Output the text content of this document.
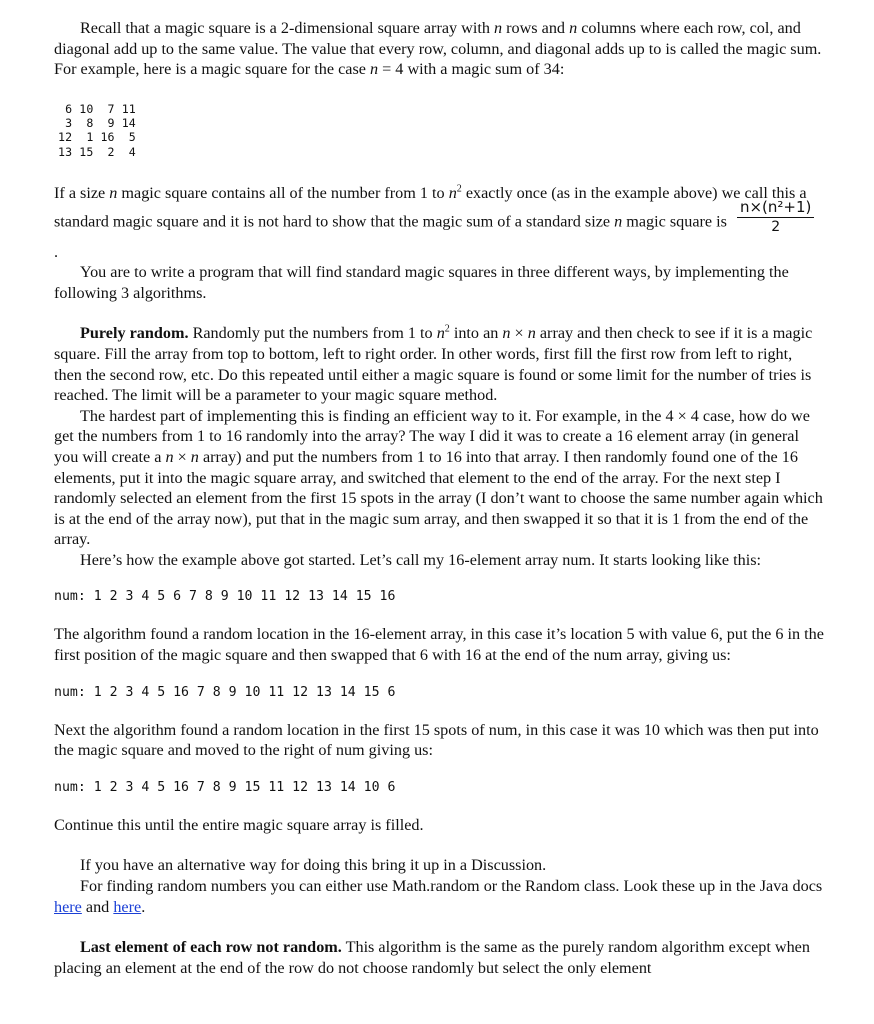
Recall that a magic square is a 2-dimensional square array with n rows and n columns where each row, col, and diagonal add up to the same value. The value that every row, column, and diagonal adds up to is called the magic sum. For example, here is a magic square for the case n = 4 with a magic sum of 34:

6 10  7 11
3  8  9 14
12  1 16  5
13 15  2  4

If a size n magic square contains all of the number from 1 to $n^2$ exactly once (as in the example above) we call this a standard magic square and it is not hard to show that the magic sum of a standard size n magic square is $\frac{\text{n×(n²+1)}}{2}$
.

You are to write a program that will find standard magic squares in three different ways, by implementing the following 3 algorithms.

Purely random. Randomly put the numbers from 1 to $n^2$ into an n × n array and then check to see if it is a magic square. Fill the array from top to bottom, left to right order. In other words, first fill the first row from left to right, then the second row, etc. Do this repeated until either a magic square is found or some limit for the number of tries is reached. The limit will be a parameter to your magic square method.

The hardest part of implementing this is finding an efficient way to it. For example, in the 4 × 4 case, how do we get the numbers from 1 to 16 randomly into the array? The way I did it was to create a 16 element array (in general you will create a n × n array) and put the numbers from 1 to 16 into that array. I then randomly found one of the 16 elements, put it into the magic square array, and switched that element to the end of the array. For the next step I randomly selected an element from the first 15 spots in the array (I don’t want to choose the same number again which is at the end of the array now), put that in the magic sum array, and then swapped it so that it is 1 from the end of the array.

Here’s how the example above got started. Let’s call my 16-element array num. It starts looking like this:

num: 1 2 3 4 5 6 7 8 9 10 11 12 13 14 15 16

The algorithm found a random location in the 16-element array, in this case it’s location 5 with value 6, put the 6 in the first position of the magic square and then swapped that 6 with 16 at the end of the num array, giving us:

num: 1 2 3 4 5 16 7 8 9 10 11 12 13 14 15 6

Next the algorithm found a random location in the first 15 spots of num, in this case it was 10 which was then put into the magic square and moved to the right of num giving us:

num: 1 2 3 4 5 16 7 8 9 15 11 12 13 14 10 6

Continue this until the entire magic square array is filled.

If you have an alternative way for doing this bring it up in a Discussion.

For finding random numbers you can either use Math.random or the Random class. Look these up in the Java docs here and here.

Last element of each row not random. This algorithm is the same as the purely random algorithm except when placing an element at the end of the row do not choose randomly but select the only element
